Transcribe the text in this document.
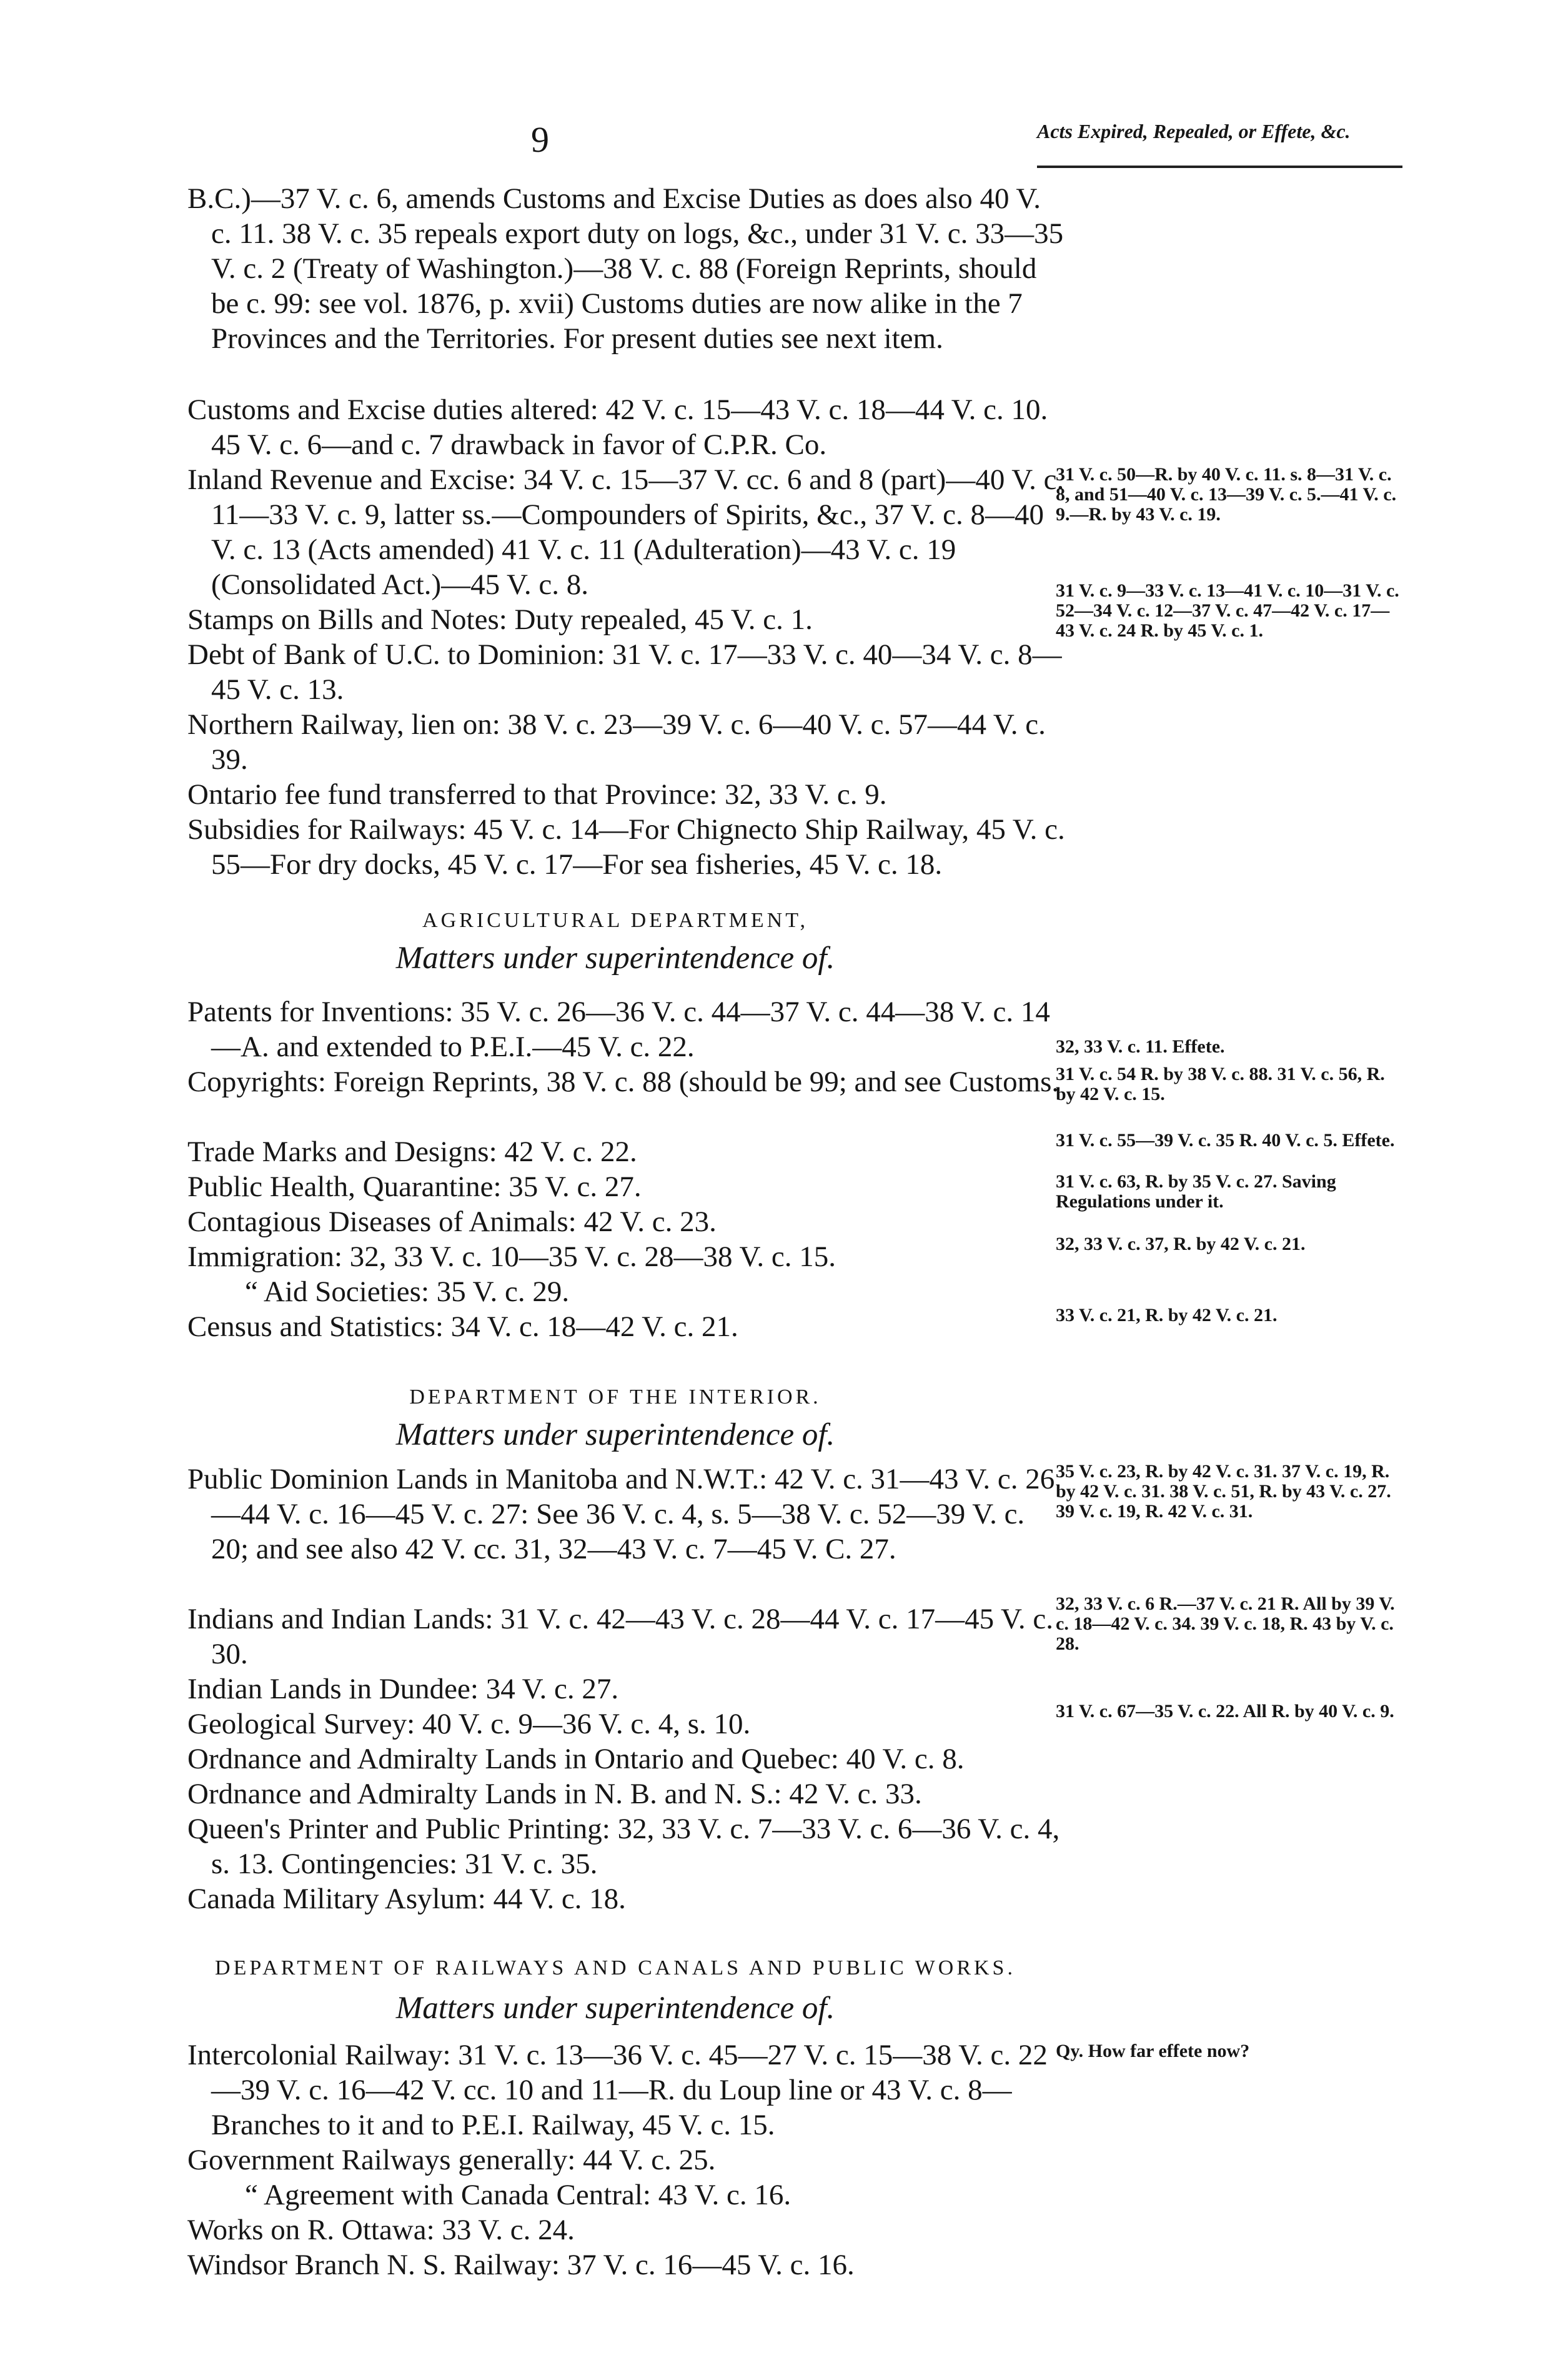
9	Acts Expired, Repealed, or Effete, &c.
B.C.)—37 V. c. 6, amends Customs and Excise Duties as does also 40 V. c. 11. 38 V. c. 35 repeals export duty on logs, &c., under 31 V. c. 33—35 V. c. 2 (Treaty of Washington.)—38 V. c. 88 (Foreign Reprints, should be c. 99: see vol. 1876, p. xvii) Customs duties are now alike in the 7 Provinces and the Territories. For present duties see next item.
Customs and Excise duties altered: 42 V. c. 15—43 V. c. 18—44 V. c. 10. 45 V. c. 6—and c. 7 drawback in favor of C.P.R. Co.
Inland Revenue and Excise: 34 V. c. 15—37 V. cc. 6 and 8 (part)—40 V. c. 11—33 V. c. 9, latter ss.—Compounders of Spirits, &c., 37 V. c. 8—40 V. c. 13 (Acts amended) 41 V. c. 11 (Adulteration)—43 V. c. 19 (Consolidated Act.)—45 V. c. 8.
Stamps on Bills and Notes: Duty repealed, 45 V. c. 1.
Debt of Bank of U.C. to Dominion: 31 V. c. 17—33 V. c. 40—34 V. c. 8—45 V. c. 13.
Northern Railway, lien on: 38 V. c. 23—39 V. c. 6—40 V. c. 57—44 V. c. 39.
Ontario fee fund transferred to that Province: 32, 33 V. c. 9.
Subsidies for Railways: 45 V. c. 14—For Chignecto Ship Railway, 45 V. c. 55—For dry docks, 45 V. c. 17—For sea fisheries, 45 V. c. 18.
AGRICULTURAL DEPARTMENT,
Matters under superintendence of.
Patents for Inventions: 35 V. c. 26—36 V. c. 44—37 V. c. 44—38 V. c. 14—A. and extended to P.E.I.—45 V. c. 22.
Copyrights: Foreign Reprints, 38 V. c. 88 (should be 99; and see Customs.
Trade Marks and Designs: 42 V. c. 22.
Public Health, Quarantine: 35 V. c. 27.
Contagious Diseases of Animals: 42 V. c. 23.
Immigration: 32, 33 V. c. 10—35 V. c. 28—38 V. c. 15.
“ Aid Societies: 35 V. c. 29.
Census and Statistics: 34 V. c. 18—42 V. c. 21.
DEPARTMENT OF THE INTERIOR.
Matters under superintendence of.
Public Dominion Lands in Manitoba and N.W.T.: 42 V. c. 31—43 V. c. 26—44 V. c. 16—45 V. c. 27: See 36 V. c. 4, s. 5—38 V. c. 52—39 V. c. 20; and see also 42 V. cc. 31, 32—43 V. c. 7—45 V. C. 27.
Indians and Indian Lands: 31 V. c. 42—43 V. c. 28—44 V. c. 17—45 V. c. 30.
Indian Lands in Dundee: 34 V. c. 27.
Geological Survey: 40 V. c. 9—36 V. c. 4, s. 10.
Ordnance and Admiralty Lands in Ontario and Quebec: 40 V. c. 8.
Ordnance and Admiralty Lands in N. B. and N. S.: 42 V. c. 33.
Queen's Printer and Public Printing: 32, 33 V. c. 7—33 V. c. 6—36 V. c. 4, s. 13. Contingencies: 31 V. c. 35.
Canada Military Asylum: 44 V. c. 18.
DEPARTMENT OF RAILWAYS AND CANALS AND PUBLIC WORKS.
Matters under superintendence of.
Intercolonial Railway: 31 V. c. 13—36 V. c. 45—27 V. c. 15—38 V. c. 22—39 V. c. 16—42 V. cc. 10 and 11—R. du Loup line or 43 V. c. 8—Branches to it and to P.E.I. Railway, 45 V. c. 15.
Government Railways generally: 44 V. c. 25.
“ Agreement with Canada Central: 43 V. c. 16.
Works on R. Ottawa: 33 V. c. 24.
Windsor Branch N. S. Railway: 37 V. c. 16—45 V. c. 16.
31 V. c. 50—R. by 40 V. c. 11. s. 8—31 V. c. 8, and 51—40 V. c. 13—39 V. c. 5.—41 V. c. 9.—R. by 43 V. c. 19.
31 V. c. 9—33 V. c. 13—41 V. c. 10—31 V. c. 52—34 V. c. 12—37 V. c. 47—42 V. c. 17—43 V. c. 24 R. by 45 V. c. 1.
32, 33 V. c. 11. Effete.
31 V. c. 54 R. by 38 V. c. 88. 31 V. c. 56, R. by 42 V. c. 15.
31 V. c. 55—39 V. c. 35 R. 40 V. c. 5. Effete.
31 V. c. 63, R. by 35 V. c. 27. Saving Regulations under it.
32, 33 V. c. 37, R. by 42 V. c. 21.
33 V. c. 21, R. by 42 V. c. 21.
35 V. c. 23, R. by 42 V. c. 31. 37 V. c. 19, R. by 42 V. c. 31. 38 V. c. 51, R. by 43 V. c. 27. 39 V. c. 19, R. 42 V. c. 31.
32, 33 V. c. 6 R.—37 V. c. 21 R. All by 39 V. c. 18—42 V. c. 34. 39 V. c. 18, R. 43 by V. c. 28.
31 V. c. 67—35 V. c. 22. All R. by 40 V. c. 9.
Qy. How far effete now?
